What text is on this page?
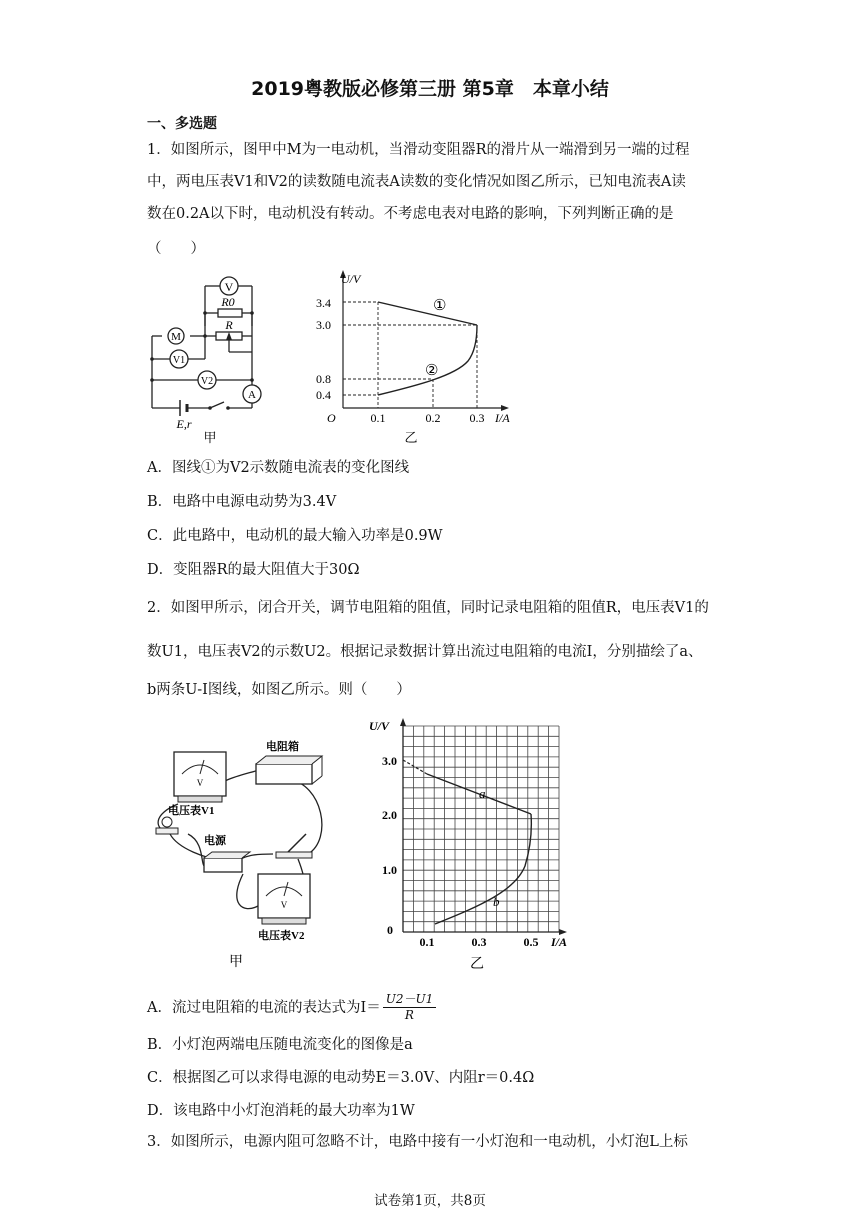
2019粤教版必修第三册 第5章　本章小结
一、多选题
1．如图所示，图甲中M为一电动机，当滑动变阻器R的滑片从一端滑到另一端的过程
中，两电压表V1和V2的读数随电流表A读数的变化情况如图乙所示，已知电流表A读
数在0.2A以下时，电动机没有转动。不考虑电表对电路的影响，下列判断正确的是
（　　）
V
R0
R
M
V1
V2
A
E,r
甲
U/V
3.4
3.0
0.8
0.4
O	0.1	0.2 0.3 I/A
①
②
乙
A．图线①为V2示数随电流表的变化图线
B．电路中电源电动势为3.4V
C．此电路中，电动机的最大输入功率是0.9W
D．变阻器R的最大阻值大于30Ω
2．如图甲所示，闭合开关，调节电阻箱的阻值，同时记录电阻箱的阻值R，电压表V1的
数U1，电压表V2的示数U2。根据记录数据计算出流过电阻箱的电流I，分别描绘了a、
b两条U-I图线，如图乙所示。则（　　）
V
电压表V1
电阻箱
电源
V
电压表V2
甲
U/V
3.0
2.0
1.0
0
0.1	0.3	0.5 I/A
a
b
乙
A．流过电阻箱的电流的表达式为$I= \frac{U2-U1}{R}$
B．小灯泡两端电压随电流变化的图像是a
C．根据图乙可以求得电源的电动势E＝3.0V、内阻r＝0.4Ω
D．该电路中小灯泡消耗的最大功率为1W
3．如图所示，电源内阻可忽略不计，电路中接有一小灯泡和一电动机，小灯泡L上标
试卷第1页，共8页
